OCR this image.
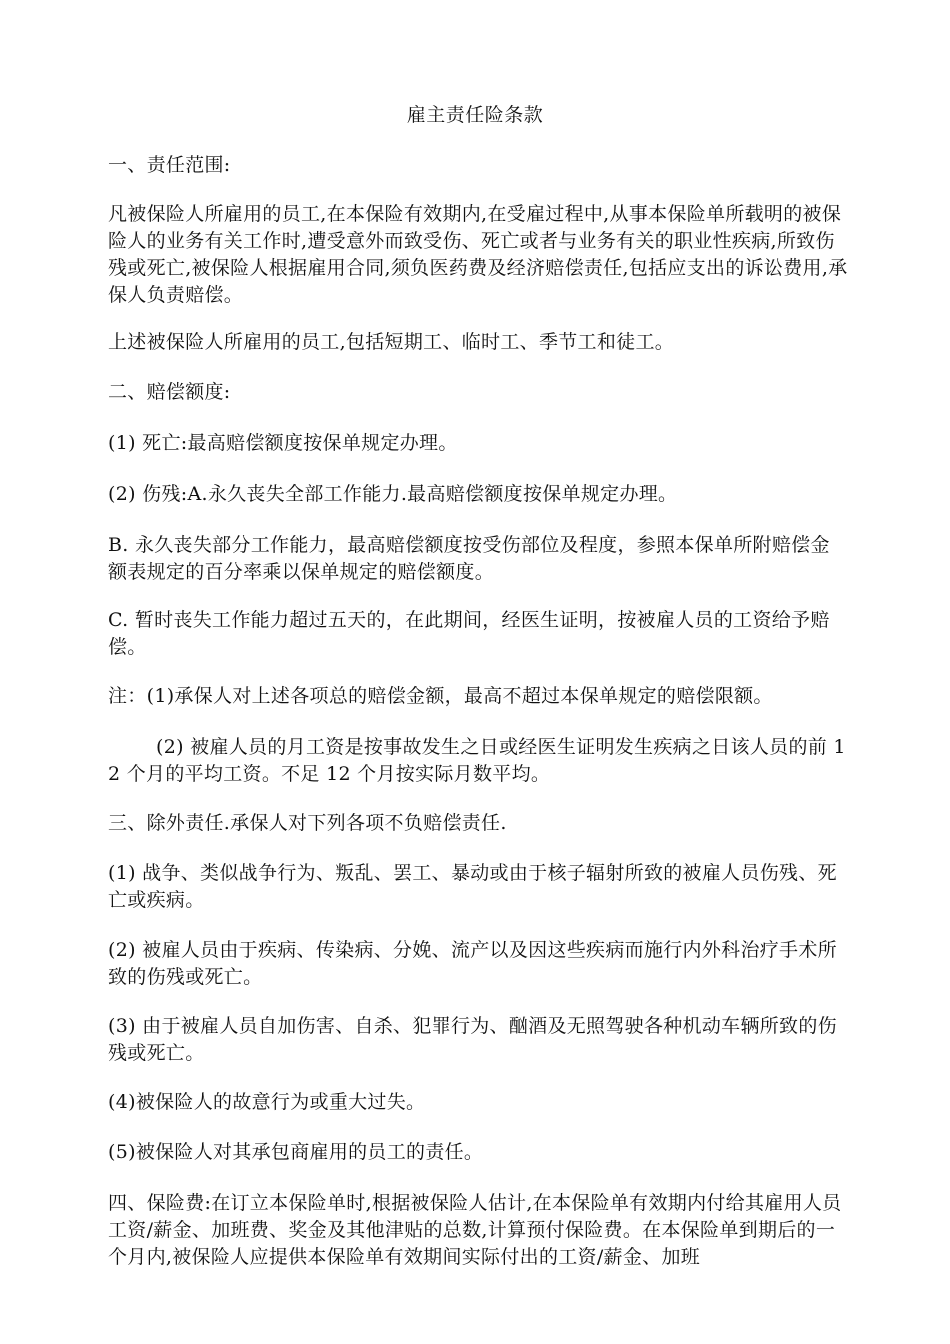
雇主责任险条款

一、责任范围:

凡被保险人所雇用的员工,在本保险有效期内,在受雇过程中,从事本保险单所载明的被保险人的业务有关工作时,遭受意外而致受伤、死亡或者与业务有关的职业性疾病,所致伤残或死亡,被保险人根据雇用合同,须负医药费及经济赔偿责任,包括应支出的诉讼费用,承保人负责赔偿。

上述被保险人所雇用的员工,包括短期工、临时工、季节工和徒工。

二、赔偿额度:

(1) 死亡:最高赔偿额度按保单规定办理。

(2) 伤残:A.永久丧失全部工作能力.最高赔偿额度按保单规定办理。

B. 永久丧失部分工作能力，最高赔偿额度按受伤部位及程度，参照本保单所附赔偿金额表规定的百分率乘以保单规定的赔偿额度。

C. 暂时丧失工作能力超过五天的，在此期间，经医生证明，按被雇人员的工资给予赔偿。

注：(1)承保人对上述各项总的赔偿金额，最高不超过本保单规定的赔偿限额。

(2) 被雇人员的月工资是按事故发生之日或经医生证明发生疾病之日该人员的前 12 个月的平均工资。不足 12 个月按实际月数平均。

三、除外责任.承保人对下列各项不负赔偿责任.

(1) 战争、类似战争行为、叛乱、罢工、暴动或由于核子辐射所致的被雇人员伤残、死亡或疾病。

(2) 被雇人员由于疾病、传染病、分娩、流产以及因这些疾病而施行内外科治疗手术所致的伤残或死亡。

(3) 由于被雇人员自加伤害、自杀、犯罪行为、酗酒及无照驾驶各种机动车辆所致的伤残或死亡。

(4)被保险人的故意行为或重大过失。

(5)被保险人对其承包商雇用的员工的责任。

四、保险费:在订立本保险单时,根据被保险人估计,在本保险单有效期内付给其雇用人员工资/薪金、加班费、奖金及其他津贴的总数,计算预付保险费。在本保险单到期后的一个月内,被保险人应提供本保险单有效期间实际付出的工资/薪金、加班
